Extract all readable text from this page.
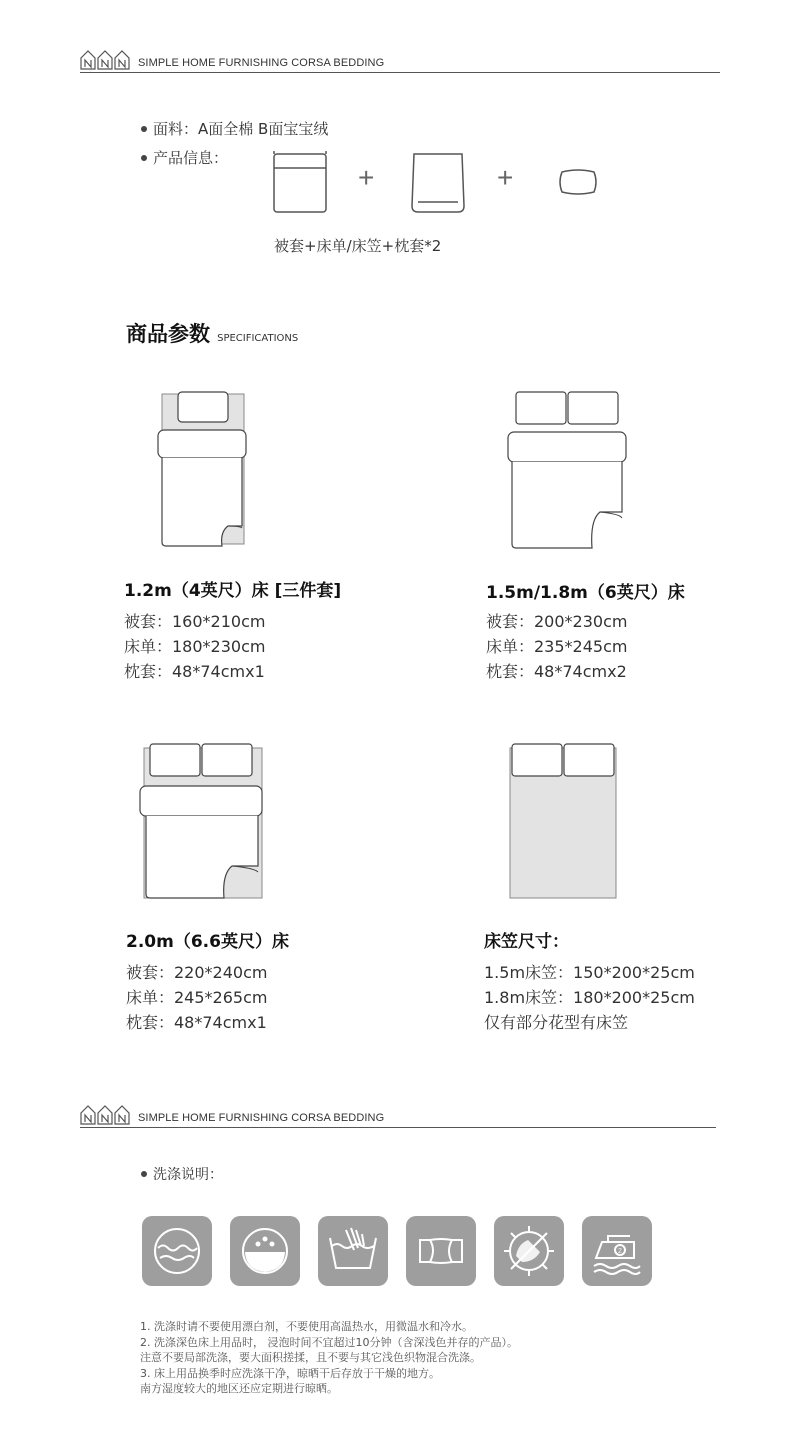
SIMPLE HOME FURNISHING CORSA BEDDING
面料：A面全棉 B面宝宝绒
产品信息：
+	+
被套+床单/床笠+枕套*2
商品参数 SPECIFICATIONS
1.2m（4英尺）床 [三件套]
被套：160*210cm
床单：180*230cm
枕套：48*74cmx1
1.5m/1.8m（6英尺）床
被套：200*230cm
床单：235*245cm
枕套：48*74cmx2
2.0m（6.6英尺）床
被套：220*240cm
床单：245*265cm
枕套：48*74cmx1
床笠尺寸：
1.5m床笠：150*200*25cm
1.8m床笠：180*200*25cm
仅有部分花型有床笠
SIMPLE HOME FURNISHING CORSA BEDDING
洗涤说明：
2
1. 洗涤时请不要使用漂白剂，不要使用高温热水，用微温水和冷水。
2. 洗涤深色床上用品时， 浸泡时间不宜超过10分钟（含深浅色并存的产品）。
注意不要局部洗涤，要大面积搓揉，且不要与其它浅色织物混合洗涤。
3. 床上用品换季时应洗涤干净，晾晒干后存放于干燥的地方。
南方湿度较大的地区还应定期进行晾晒。
